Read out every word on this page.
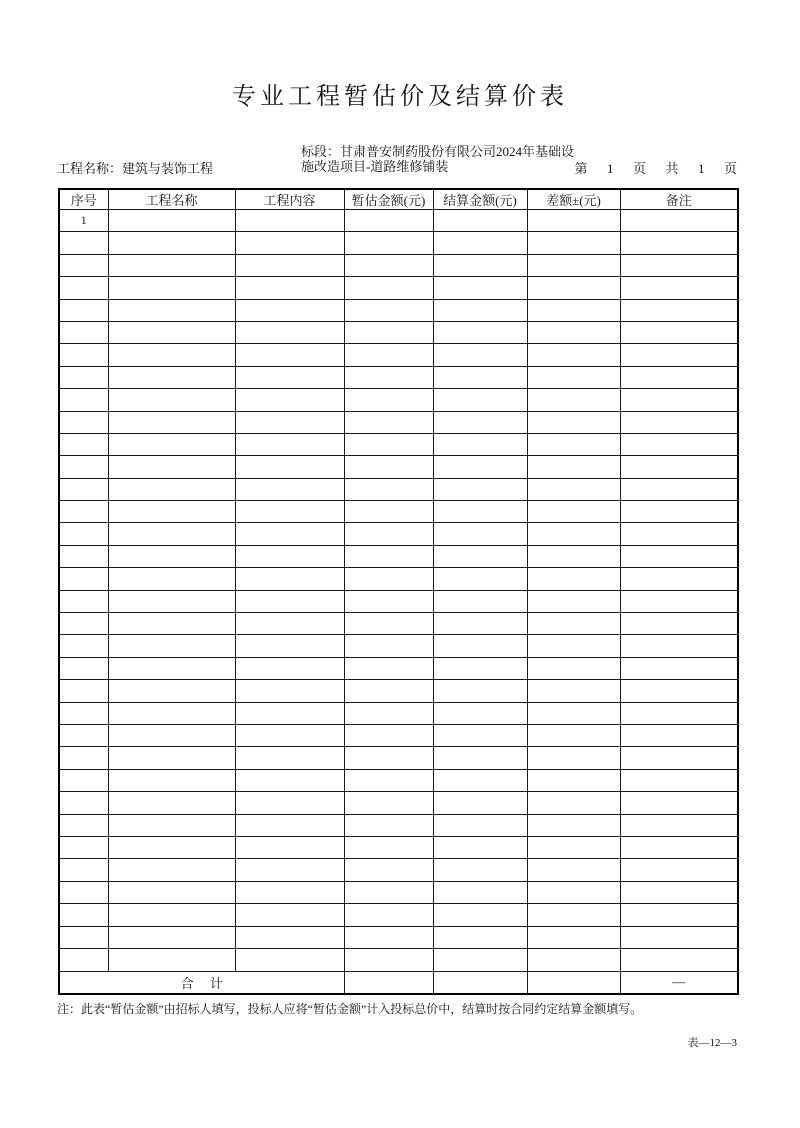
专业工程暂估价及结算价表
工程名称：建筑与装饰工程
标段：甘肃普安制药股份有限公司2024年基础设施改造项目-道路维修铺装	第      1      页      共      1      页
序号	工程名称	工程内容	暂估金额(元)	结算金额(元)	差额±(元)	备注
1						

合     计						—
注：此表“暂估金额”由招标人填写，投标人应将“暂估金额”计入投标总价中，结算时按合同约定结算金额填写。
表—12—3
